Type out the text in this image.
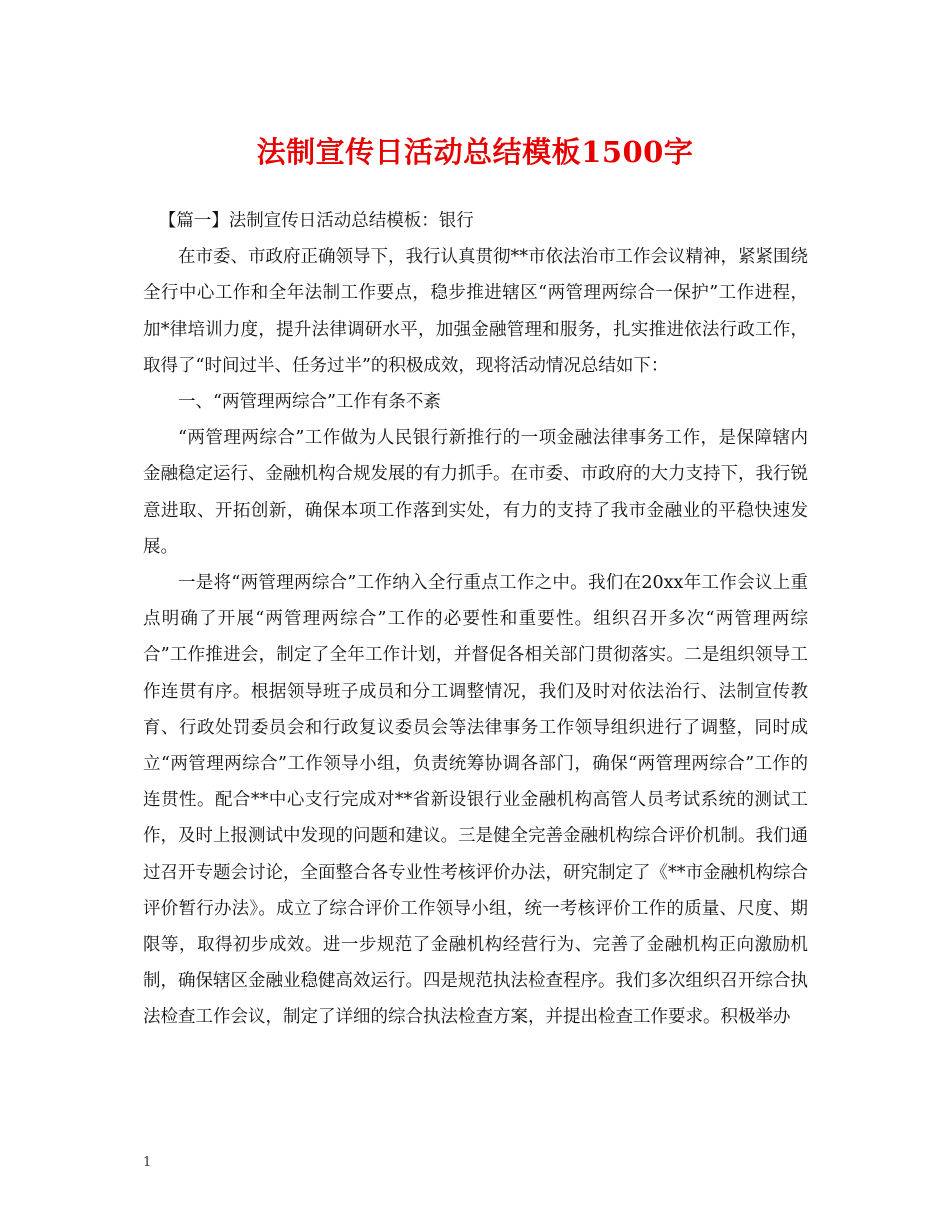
法制宣传日活动总结模板1500字

【篇一】法制宣传日活动总结模板：银行

在市委、市政府正确领导下，我行认真贯彻**市依法治市工作会议精神，紧紧围绕全行中心工作和全年法制工作要点，稳步推进辖区“两管理两综合一保护”工作进程，加*律培训力度，提升法律调研水平，加强金融管理和服务，扎实推进依法行政工作，取得了“时间过半、任务过半”的积极成效，现将活动情况总结如下：

一、“两管理两综合”工作有条不紊

“两管理两综合”工作做为人民银行新推行的一项金融法律事务工作，是保障辖内金融稳定运行、金融机构合规发展的有力抓手。在市委、市政府的大力支持下，我行锐意进取、开拓创新，确保本项工作落到实处，有力的支持了我市金融业的平稳快速发展。

一是将“两管理两综合”工作纳入全行重点工作之中。我们在20xx年工作会议上重点明确了开展“两管理两综合”工作的必要性和重要性。组织召开多次“两管理两综合”工作推进会，制定了全年工作计划，并督促各相关部门贯彻落实。二是组织领导工作连贯有序。根据领导班子成员和分工调整情况，我们及时对依法治行、法制宣传教育、行政处罚委员会和行政复议委员会等法律事务工作领导组织进行了调整，同时成立“两管理两综合”工作领导小组，负责统筹协调各部门，确保“两管理两综合”工作的连贯性。配合**中心支行完成对**省新设银行业金融机构高管人员考试系统的测试工作，及时上报测试中发现的问题和建议。三是健全完善金融机构综合评价机制。我们通过召开专题会讨论，全面整合各专业性考核评价办法，研究制定了《**市金融机构综合评价暂行办法》。成立了综合评价工作领导小组，统一考核评价工作的质量、尺度、期限等，取得初步成效。进一步规范了金融机构经营行为、完善了金融机构正向激励机制，确保辖区金融业稳健高效运行。四是规范执法检查程序。我们多次组织召开综合执法检查工作会议，制定了详细的综合执法检查方案，并提出检查工作要求。积极举办

1
